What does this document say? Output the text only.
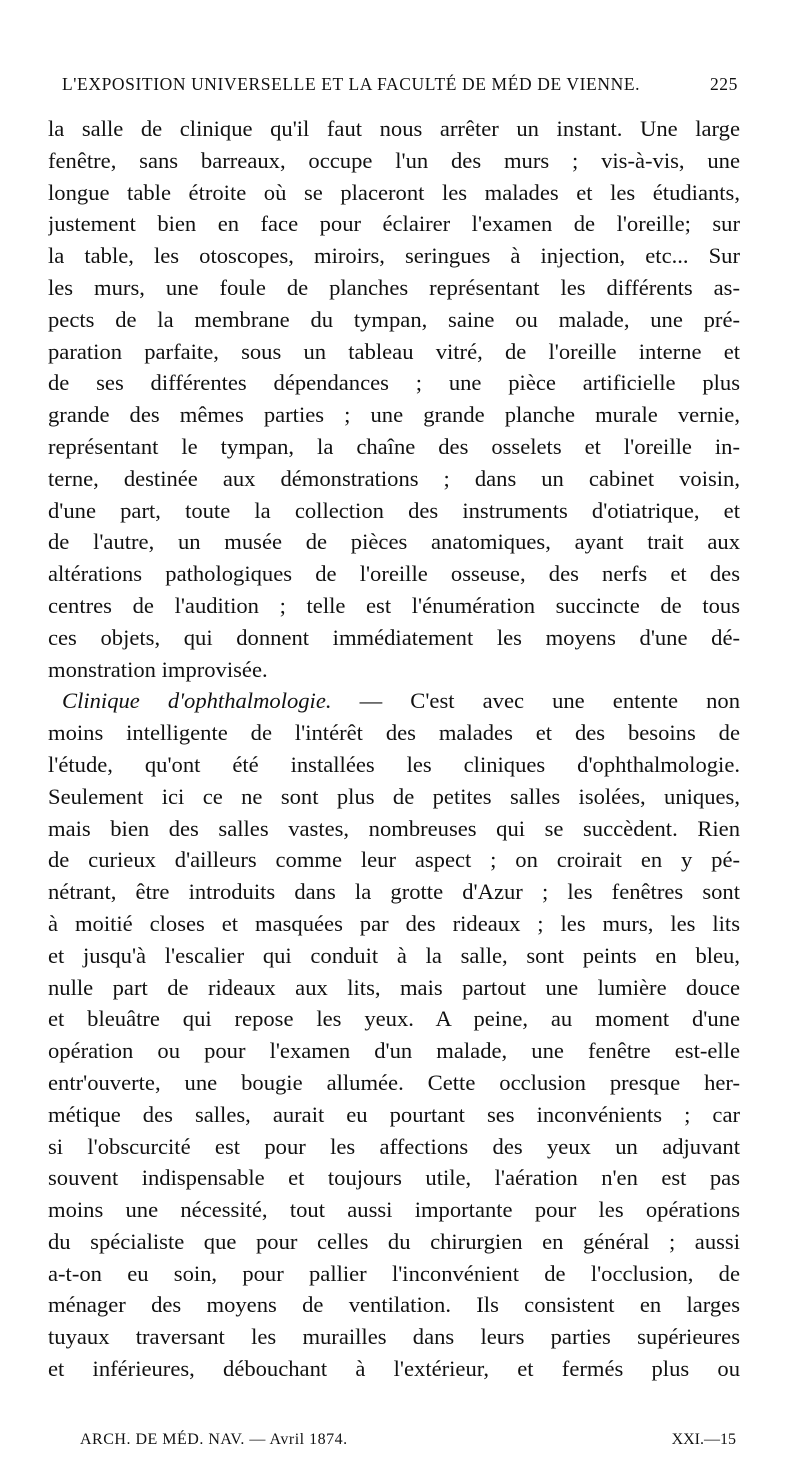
L'EXPOSITION UNIVERSELLE ET LA FACULTÉ DE MÉD DE VIENNE.	225
la salle de clinique qu'il faut nous arrêter un instant. Une large
fenêtre, sans barreaux, occupe l'un des murs ; vis-à-vis, une
longue table étroite où se placeront les malades et les étudiants,
justement bien en face pour éclairer l'examen de l'oreille; sur
la table, les otoscopes, miroirs, seringues à injection, etc... Sur
les murs, une foule de planches représentant les différents as-
pects de la membrane du tympan, saine ou malade, une pré-
paration parfaite, sous un tableau vitré, de l'oreille interne et
de ses différentes dépendances ; une pièce artificielle plus
grande des mêmes parties ; une grande planche murale vernie,
représentant le tympan, la chaîne des osselets et l'oreille in-
terne, destinée aux démonstrations ; dans un cabinet voisin,
d'une part, toute la collection des instruments d'otiatrique, et
de l'autre, un musée de pièces anatomiques, ayant trait aux
altérations pathologiques de l'oreille osseuse, des nerfs et des
centres de l'audition ; telle est l'énumération succincte de tous
ces objets, qui donnent immédiatement les moyens d'une dé-
monstration improvisée.
Clinique d'ophthalmologie. — C'est avec une entente non
moins intelligente de l'intérêt des malades et des besoins de
l'étude, qu'ont été installées les cliniques d'ophthalmologie.
Seulement ici ce ne sont plus de petites salles isolées, uniques,
mais bien des salles vastes, nombreuses qui se succèdent. Rien
de curieux d'ailleurs comme leur aspect ; on croirait en y pé-
nétrant, être introduits dans la grotte d'Azur ; les fenêtres sont
à moitié closes et masquées par des rideaux ; les murs, les lits
et jusqu'à l'escalier qui conduit à la salle, sont peints en bleu,
nulle part de rideaux aux lits, mais partout une lumière douce
et bleuâtre qui repose les yeux. A peine, au moment d'une
opération ou pour l'examen d'un malade, une fenêtre est-elle
entr'ouverte, une bougie allumée. Cette occlusion presque her-
métique des salles, aurait eu pourtant ses inconvénients ; car
si l'obscurcité est pour les affections des yeux un adjuvant
souvent indispensable et toujours utile, l'aération n'en est pas
moins une nécessité, tout aussi importante pour les opérations
du spécialiste que pour celles du chirurgien en général ; aussi
a-t-on eu soin, pour pallier l'inconvénient de l'occlusion, de
ménager des moyens de ventilation. Ils consistent en larges
tuyaux traversant les murailles dans leurs parties supérieures
et inférieures, débouchant à l'extérieur, et fermés plus ou
ARCH. DE MÉD. NAV. — Avril 1874.	XXI.—15
